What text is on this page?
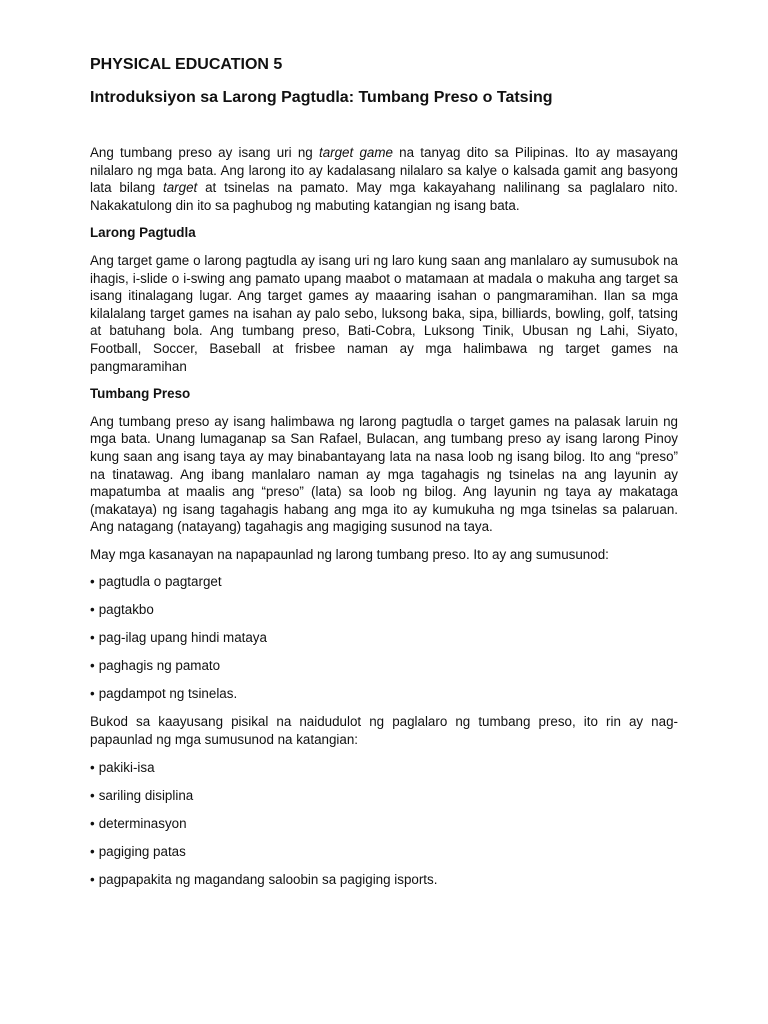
PHYSICAL EDUCATION 5
Introduksiyon sa Larong Pagtudla: Tumbang Preso o Tatsing

Ang tumbang preso ay isang uri ng target game na tanyag dito sa Pilipinas. Ito ay masayang nilalaro ng mga bata. Ang larong ito ay kadalasang nilalaro sa kalye o kalsada gamit ang basyong lata bilang target at tsinelas na pamato. May mga kakayahang nalilinang sa paglalaro nito. Nakakatulong din ito sa paghubog ng mabuting katangian ng isang bata.

Larong Pagtudla

Ang target game o larong pagtudla ay isang uri ng laro kung saan ang manlalaro ay sumusubok na ihagis, i-slide o i-swing ang pamato upang maabot o matamaan at madala o makuha ang target sa isang itinalagang lugar. Ang target games ay maaaring isahan o pangmaramihan. Ilan sa mga kilalalang target games na isahan ay palo sebo, luksong baka, sipa, billiards, bowling, golf, tatsing at batuhang bola. Ang tumbang preso, Bati-Cobra, Luksong Tinik, Ubusan ng Lahi, Siyato, Football, Soccer, Baseball at frisbee naman ay mga halimbawa ng target games na pangmaramihan

Tumbang Preso

Ang tumbang preso ay isang halimbawa ng larong pagtudla o target games na palasak laruin ng mga bata. Unang lumaganap sa San Rafael, Bulacan, ang tumbang preso ay isang larong Pinoy kung saan ang isang taya ay may binabantayang lata na nasa loob ng isang bilog. Ito ang “preso” na tinatawag. Ang ibang manlalaro naman ay mga tagahagis ng tsinelas na ang layunin ay mapatumba at maalis ang “preso” (lata) sa loob ng bilog. Ang layunin ng taya ay makataga (makataya) ng isang tagahagis habang ang mga ito ay kumukuha ng mga tsinelas sa palaruan. Ang natagang (natayang) tagahagis ang magiging susunod na taya.

May mga kasanayan na napapaunlad ng larong tumbang preso. Ito ay ang sumusunod:

• pagtudla o pagtarget
• pagtakbo
• pag-ilag upang hindi mataya
• paghagis ng pamato
• pagdampot ng tsinelas.

Bukod sa kaayusang pisikal na naidudulot ng paglalaro ng tumbang preso, ito rin ay nag-papaunlad ng mga sumusunod na katangian:

• pakiki-isa
• sariling disiplina
• determinasyon
• pagiging patas
• pagpapakita ng magandang saloobin sa pagiging isports.
